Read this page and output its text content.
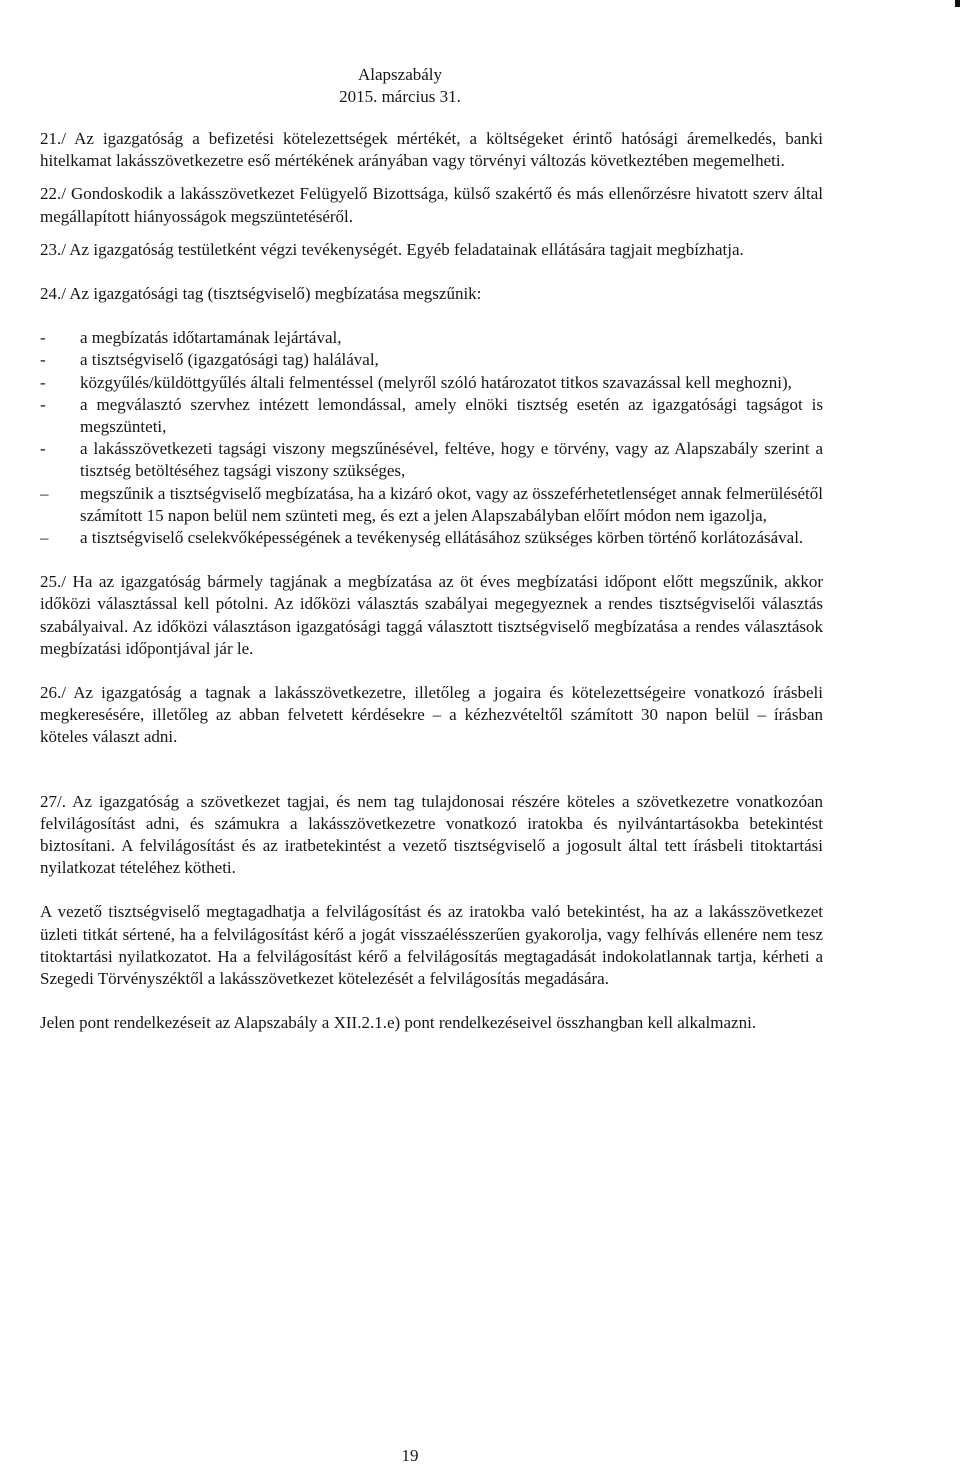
Alapszabály
2015. március 31.

21./ Az igazgatóság a befizetési kötelezettségek mértékét, a költségeket érintő hatósági áremelkedés, banki hitelkamat lakásszövetkezetre eső mértékének arányában vagy törvényi változás következtében megemelheti.

22./ Gondoskodik a lakásszövetkezet Felügyelő Bizottsága, külső szakértő és más ellenőrzésre hivatott szerv által megállapított hiányosságok megszüntetéséről.

23./ Az igazgatóság testületként végzi tevékenységét. Egyéb feladatainak ellátására tagjait megbízhatja.

24./ Az igazgatósági tag (tisztségviselő) megbízatása megszűnik:

- a megbízatás időtartamának lejártával,
- a tisztségviselő (igazgatósági tag) halálával,
- közgyűlés/küldöttgyűlés általi felmentéssel (melyről szóló határozatot titkos szavazással kell meghozni),
- a megválasztó szervhez intézett lemondással, amely elnöki tisztség esetén az igazgatósági tagságot is megszünteti,
- a lakásszövetkezeti tagsági viszony megszűnésével, feltéve, hogy e törvény, vagy az Alapszabály szerint a tisztség betöltéséhez tagsági viszony szükséges,
– megszűnik a tisztségviselő megbízatása, ha a kizáró okot, vagy az összeférhetetlenséget annak felmerülésétől számított 15 napon belül nem szünteti meg, és ezt a jelen Alapszabályban előírt módon nem igazolja,
– a tisztségviselő cselekvőképességének a tevékenység ellátásához szükséges körben történő korlátozásával.

25./ Ha az igazgatóság bármely tagjának a megbízatása az öt éves megbízatási időpont előtt megszűnik, akkor időközi választással kell pótolni. Az időközi választás szabályai megegyeznek a rendes tisztségviselői választás szabályaival. Az időközi választáson igazgatósági taggá választott tisztségviselő megbízatása a rendes választások megbízatási időpontjával jár le.

26./ Az igazgatóság a tagnak a lakásszövetkezetre, illetőleg a jogaira és kötelezettségeire vonatkozó írásbeli megkeresésére, illetőleg az abban felvetett kérdésekre – a kézhezvételtől számított 30 napon belül – írásban köteles választ adni.

27/. Az igazgatóság a szövetkezet tagjai, és nem tag tulajdonosai részére köteles a szövetkezetre vonatkozóan felvilágosítást adni, és számukra a lakásszövetkezetre vonatkozó iratokba és nyilvántartásokba betekintést biztosítani. A felvilágosítást és az iratbetekintést a vezető tisztségviselő a jogosult által tett írásbeli titoktartási nyilatkozat tételéhez kötheti.

A vezető tisztségviselő megtagadhatja a felvilágosítást és az iratokba való betekintést, ha az a lakásszövetkezet üzleti titkát sértené, ha a felvilágosítást kérő a jogát visszaélésszerűen gyakorolja, vagy felhívás ellenére nem tesz titoktartási nyilatkozatot. Ha a felvilágosítást kérő a felvilágosítás megtagadását indokolatlannak tartja, kérheti a Szegedi Törvényszéktől a lakásszövetkezet kötelezését a felvilágosítás megadására.

Jelen pont rendelkezéseit az Alapszabály a XII.2.1.e) pont rendelkezéseivel összhangban kell alkalmazni.

19
